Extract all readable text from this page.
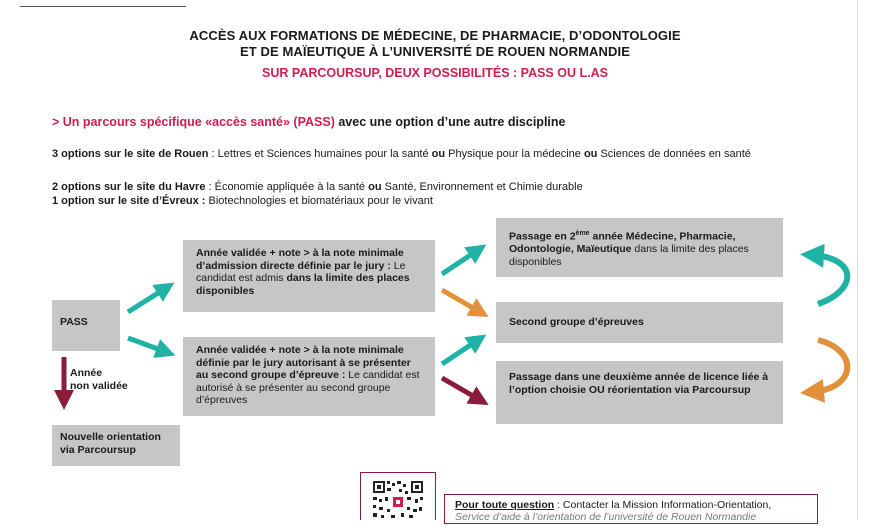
ACCÈS AUX FORMATIONS DE MÉDECINE, DE PHARMACIE, D’ODONTOLOGIE
ET DE MAÏEUTIQUE À L’UNIVERSITÉ DE ROUEN NORMANDIE
SUR PARCOURSUP, DEUX POSSIBILITÉS : PASS OU L.AS
> Un parcours spécifique «accès santé» (PASS) avec une option d’une autre discipline
3 options sur le site de Rouen : Lettres et Sciences humaines pour la santé ou Physique pour la médecine ou Sciences de données en santé
2 options sur le site du Havre : Économie appliquée à la santé ou Santé, Environnement et Chimie durable
1 option sur le site d’Évreux : Biotechnologies et biomatériaux pour le vivant
PASS
Année validée + note > à la note minimale d’admission directe définie par le jury : Le candidat est admis dans la limite des places disponibles
Année validée + note > à la note minimale définie par le jury autorisant à se présenter au second groupe d’épreuve : Le candidat est autorisé à se présenter au second groupe d’épreuves
Passage en 2ème année Médecine, Pharmacie, Odontologie, Maïeutique dans la limite des places disponibles
Second groupe d’épreuves
Passage dans une deuxième année de licence liée à l’option choisie OU réorientation via Parcoursup
Année
non validée
Nouvelle orientation via Parcoursup
Pour toute question : Contacter la Mission Information-Orientation,
Service d’aide à l’orientation de l’université de Rouen Normandie
